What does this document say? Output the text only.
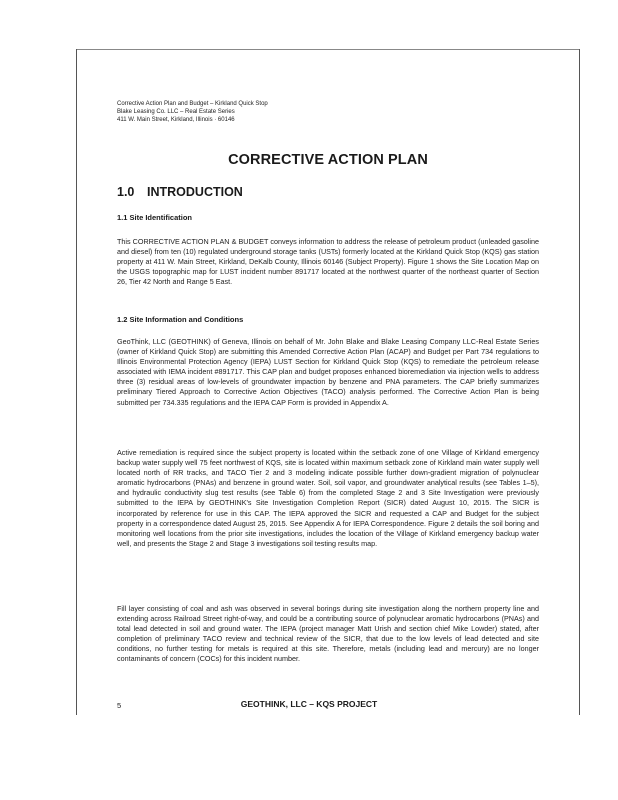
Corrective Action Plan and Budget – Kirkland Quick Stop
Blake Leasing Co. LLC – Real Estate Series
411 W. Main Street, Kirkland, Illinois · 60146
CORRECTIVE ACTION PLAN
1.0 INTRODUCTION
1.1 Site Identification
This CORRECTIVE ACTION PLAN & BUDGET conveys information to address the release of petroleum product (unleaded gasoline and diesel) from ten (10) regulated underground storage tanks (USTs) formerly located at the Kirkland Quick Stop (KQS) gas station property at 411 W. Main Street, Kirkland, DeKalb County, Illinois 60146 (Subject Property). Figure 1 shows the Site Location Map on the USGS topographic map for LUST incident number 891717 located at the northwest quarter of the northeast quarter of Section 26, Tier 42 North and Range 5 East.
1.2 Site Information and Conditions
GeoThink, LLC (GEOTHINK) of Geneva, Illinois on behalf of Mr. John Blake and Blake Leasing Company LLC-Real Estate Series (owner of Kirkland Quick Stop) are submitting this Amended Corrective Action Plan (ACAP) and Budget per Part 734 regulations to Illinois Environmental Protection Agency (IEPA) LUST Section for Kirkland Quick Stop (KQS) to remediate the petroleum release associated with IEMA incident #891717. This CAP plan and budget proposes enhanced bioremediation via injection wells to address three (3) residual areas of low-levels of groundwater impaction by benzene and PNA parameters. The CAP briefly summarizes preliminary Tiered Approach to Corrective Action Objectives (TACO) analysis performed. The Corrective Action Plan is being submitted per 734.335 regulations and the IEPA CAP Form is provided in Appendix A.
Active remediation is required since the subject property is located within the setback zone of one Village of Kirkland emergency backup water supply well 75 feet northwest of KQS, site is located within maximum setback zone of Kirkland main water supply well located north of RR tracks, and TACO Tier 2 and 3 modeling indicate possible further down-gradient migration of polynuclear aromatic hydrocarbons (PNAs) and benzene in ground water. Soil, soil vapor, and groundwater analytical results (see Tables 1–5), and hydraulic conductivity slug test results (see Table 6) from the completed Stage 2 and 3 Site Investigation were previously submitted to the IEPA by GEOTHINK's Site Investigation Completion Report (SICR) dated August 10, 2015. The SICR is incorporated by reference for use in this CAP. The IEPA approved the SICR and requested a CAP and Budget for the subject property in a correspondence dated August 25, 2015. See Appendix A for IEPA Correspondence. Figure 2 details the soil boring and monitoring well locations from the prior site investigations, includes the location of the Village of Kirkland emergency backup water well, and presents the Stage 2 and Stage 3 investigations soil testing results map.
Fill layer consisting of coal and ash was observed in several borings during site investigation along the northern property line and extending across Railroad Street right-of-way, and could be a contributing source of polynuclear aromatic hydrocarbons (PNAs) and total lead detected in soil and ground water. The IEPA (project manager Matt Urish and section chief Mike Lowder) stated, after completion of preliminary TACO review and technical review of the SICR, that due to the low levels of lead detected and site conditions, no further testing for metals is required at this site. Therefore, metals (including lead and mercury) are no longer contaminants of concern (COCs) for this incident number.
5	GEOTHINK, LLC – KQS PROJECT
